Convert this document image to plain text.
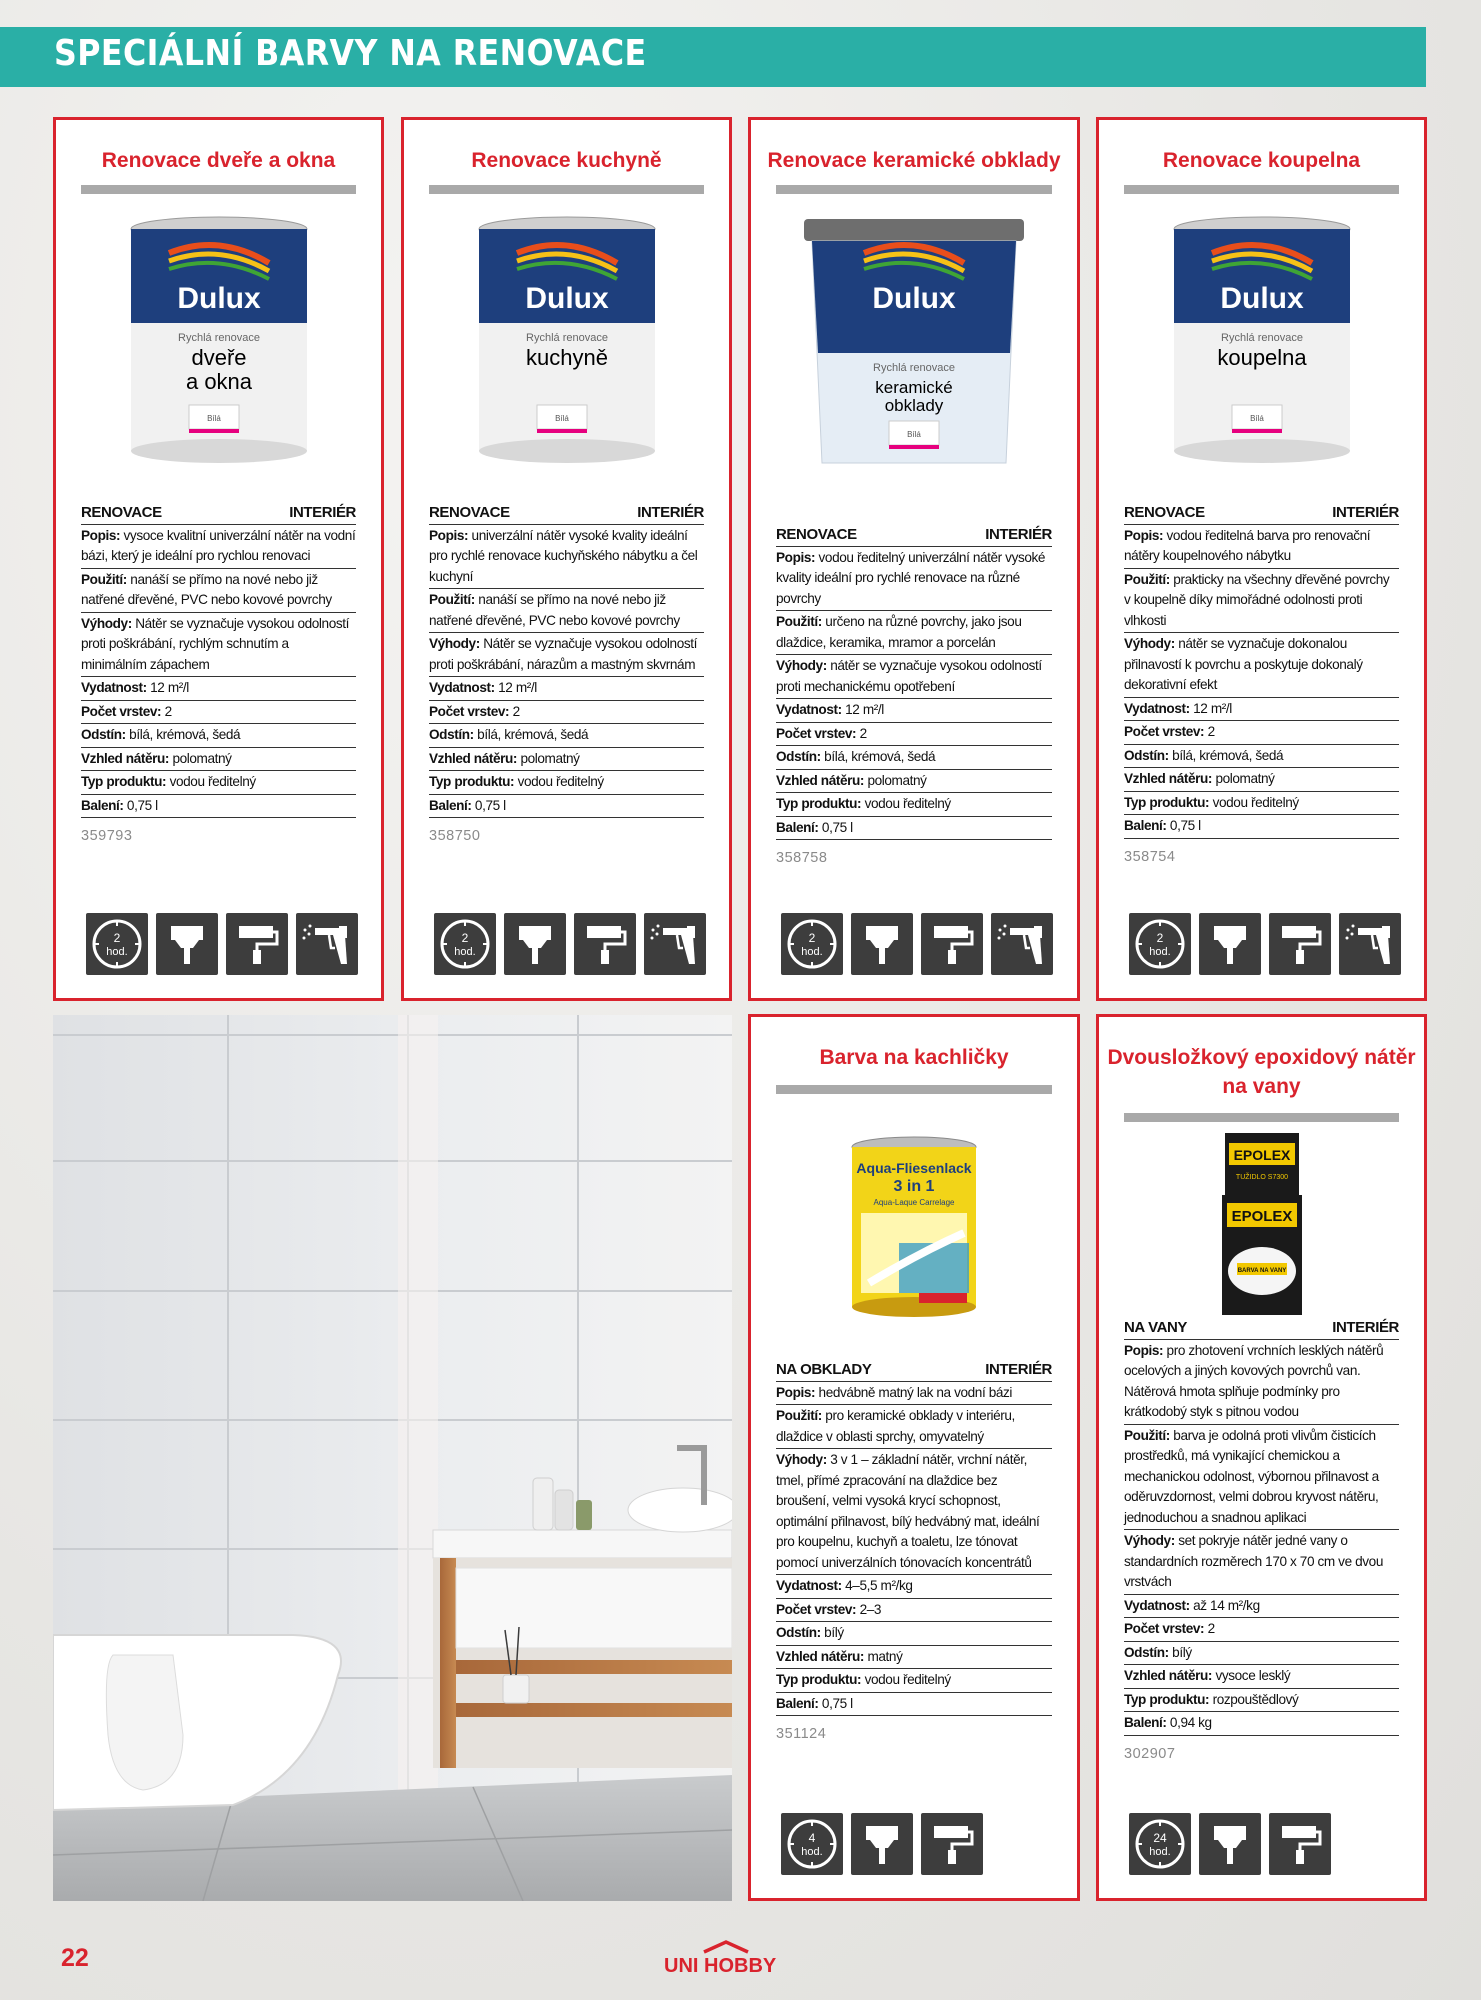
SPECIÁLNÍ BARVY NA RENOVACE
Renovace dveře a okna
Dulux
Rychlá renovace
dveře
a okna
Bílá
RENOVACE	INTERIÉR
Popis: vysoce kvalitní univerzální nátěr na vodní bázi, který je ideální pro rychlou renovaci
Použití: nanáší se přímo na nové nebo již natřené dřevěné, PVC nebo kovové povrchy
Výhody: Nátěr se vyznačuje vysokou odolností proti poškrábání, rychlým schnutím a minimálním zápachem
Vydatnost: 12 m²/l
Počet vrstev: 2
Odstín: bílá, krémová, šedá
Vzhled nátěru: polomatný
Typ produktu: vodou ředitelný
Balení: 0,75 l
359793
2
hod.
Renovace kuchyně
Dulux
Rychlá renovace
kuchyně
Bílá
RENOVACE	INTERIÉR
Popis: univerzální nátěr vysoké kvality ideální pro rychlé renovace kuchyňského nábytku a čel kuchyní
Použití: nanáší se přímo na nové nebo již natřené dřevěné, PVC nebo kovové povrchy
Výhody: Nátěr se vyznačuje vysokou odolností proti poškrábání, nárazům a mastným skvrnám
Vydatnost: 12 m²/l
Počet vrstev: 2
Odstín: bílá, krémová, šedá
Vzhled nátěru: polomatný
Typ produktu: vodou ředitelný
Balení: 0,75 l
358750
2
hod.
Renovace keramické obklady
Dulux
Rychlá renovace
keramické
obklady
Bílá
RENOVACE	INTERIÉR
Popis: vodou ředitelný univerzální nátěr vysoké kvality ideální pro rychlé renovace na různé povrchy
Použití: určeno na různé povrchy, jako jsou dlaždice, keramika, mramor a porcelán
Výhody: nátěr se vyznačuje vysokou odolností proti mechanickému opotřebení
Vydatnost: 12 m²/l
Počet vrstev: 2
Odstín: bílá, krémová, šedá
Vzhled nátěru: polomatný
Typ produktu: vodou ředitelný
Balení: 0,75 l
358758
2
hod.
Renovace koupelna
Dulux
Rychlá renovace
koupelna
Bílá
RENOVACE	INTERIÉR
Popis: vodou ředitelná barva pro renovační nátěry koupelnového nábytku
Použití: prakticky na všechny dřevěné povrchy v koupelně díky mimořádné odolnosti proti vlhkosti
Výhody: nátěr se vyznačuje dokonalou přilnavostí k povrchu a poskytuje dokonalý dekorativní efekt
Vydatnost: 12 m²/l
Počet vrstev: 2
Odstín: bílá, krémová, šedá
Vzhled nátěru: polomatný
Typ produktu: vodou ředitelný
Balení: 0,75 l
358754
2
hod.
Barva na kachličky
Aqua-Fliesenlack
3 in 1
Aqua-Laque Carrelage
NA OBKLADY	INTERIÉR
Popis: hedvábně matný lak na vodní bázi
Použití: pro keramické obklady v interiéru, dlaždice v oblasti sprchy, omyvatelný
Výhody: 3 v 1 – základní nátěr, vrchní nátěr, tmel, přímé zpracování na dlaždice bez broušení, velmi vysoká krycí schopnost, optimální přilnavost, bílý hedvábný mat, ideální pro koupelnu, kuchyň a toaletu, lze tónovat pomocí univerzálních tónovacích koncentrátů
Vydatnost: 4–5,5 m²/kg
Počet vrstev: 2–3
Odstín: bílý
Vzhled nátěru: matný
Typ produktu: vodou ředitelný
Balení: 0,75 l
351124
4
hod.
Dvousložkový epoxidový nátěr na vany
EPOLEX
TUŽIDLO S7300
EPOLEX
BARVA NA VANY
NA VANY	INTERIÉR
Popis: pro zhotovení vrchních lesklých nátěrů ocelových a jiných kovových povrchů van. Nátěrová hmota splňuje podmínky pro krátkodobý styk s pitnou vodou
Použití: barva je odolná proti vlivům čisticích prostředků, má vynikající chemickou a mechanickou odolnost, výbornou přilnavost a oděruvzdornost, velmi dobrou kryvost nátěru, jednoduchou a snadnou aplikaci
Výhody: set pokryje nátěr jedné vany o standardních rozměrech 170 x 70 cm ve dvou vrstvách
Vydatnost: až 14 m²/kg
Počet vrstev: 2
Odstín: bílý
Vzhled nátěru: vysoce lesklý
Typ produktu: rozpouštědlový
Balení: 0,94 kg
302907
24
hod.
22	UNI HOBBY
